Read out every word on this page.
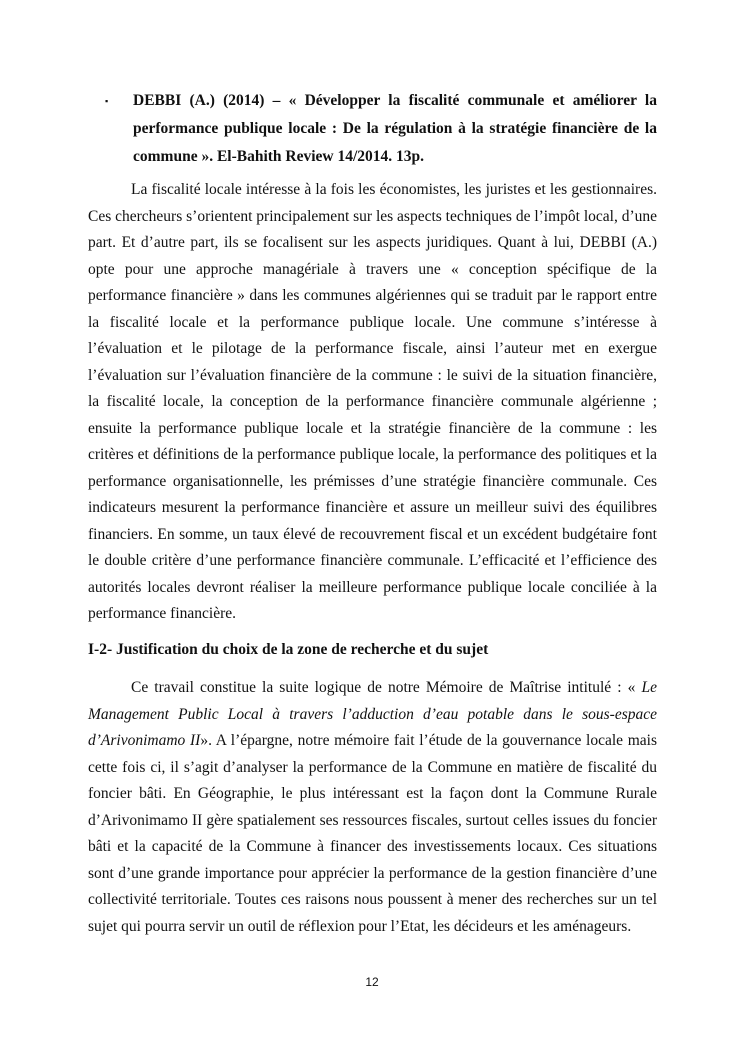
▪ DEBBI (A.) (2014) – « Développer la fiscalité communale et améliorer la performance publique locale : De la régulation à la stratégie financière de la commune ». El-Bahith Review 14/2014. 13p.

La fiscalité locale intéresse à la fois les économistes, les juristes et les gestionnaires. Ces chercheurs s’orientent principalement sur les aspects techniques de l’impôt local, d’une part. Et d’autre part, ils se focalisent sur les aspects juridiques. Quant à lui, DEBBI (A.) opte pour une approche managériale à travers une « conception spécifique de la performance financière » dans les communes algériennes qui se traduit par le rapport entre la fiscalité locale et la performance publique locale. Une commune s’intéresse à l’évaluation et le pilotage de la performance fiscale, ainsi l’auteur met en exergue l’évaluation sur l’évaluation financière de la commune : le suivi de la situation financière, la fiscalité locale, la conception de la performance financière communale algérienne ; ensuite la performance publique locale et la stratégie financière de la commune : les critères et définitions de la performance publique locale, la performance des politiques et la performance organisationnelle, les prémisses d’une stratégie financière communale. Ces indicateurs mesurent la performance financière et assure un meilleur suivi des équilibres financiers. En somme, un taux élevé de recouvrement fiscal et un excédent budgétaire font le double critère d’une performance financière communale. L’efficacité et l’efficience des autorités locales devront réaliser la meilleure performance publique locale conciliée à la performance financière.

I-2- Justification du choix de la zone de recherche et du sujet

Ce travail constitue la suite logique de notre Mémoire de Maîtrise intitulé : « Le Management Public Local à travers l’adduction d’eau potable dans le sous-espace d’Arivonimamo II». A l’épargne, notre mémoire fait l’étude de la gouvernance locale mais cette fois ci, il s’agit d’analyser la performance de la Commune en matière de fiscalité du foncier bâti. En Géographie, le plus intéressant est la façon dont la Commune Rurale d’Arivonimamo II gère spatialement ses ressources fiscales, surtout celles issues du foncier bâti et la capacité de la Commune à financer des investissements locaux. Ces situations sont d’une grande importance pour apprécier la performance de la gestion financière d’une collectivité territoriale. Toutes ces raisons nous poussent à mener des recherches sur un tel sujet qui pourra servir un outil de réflexion pour l’Etat, les décideurs et les aménageurs.

12
